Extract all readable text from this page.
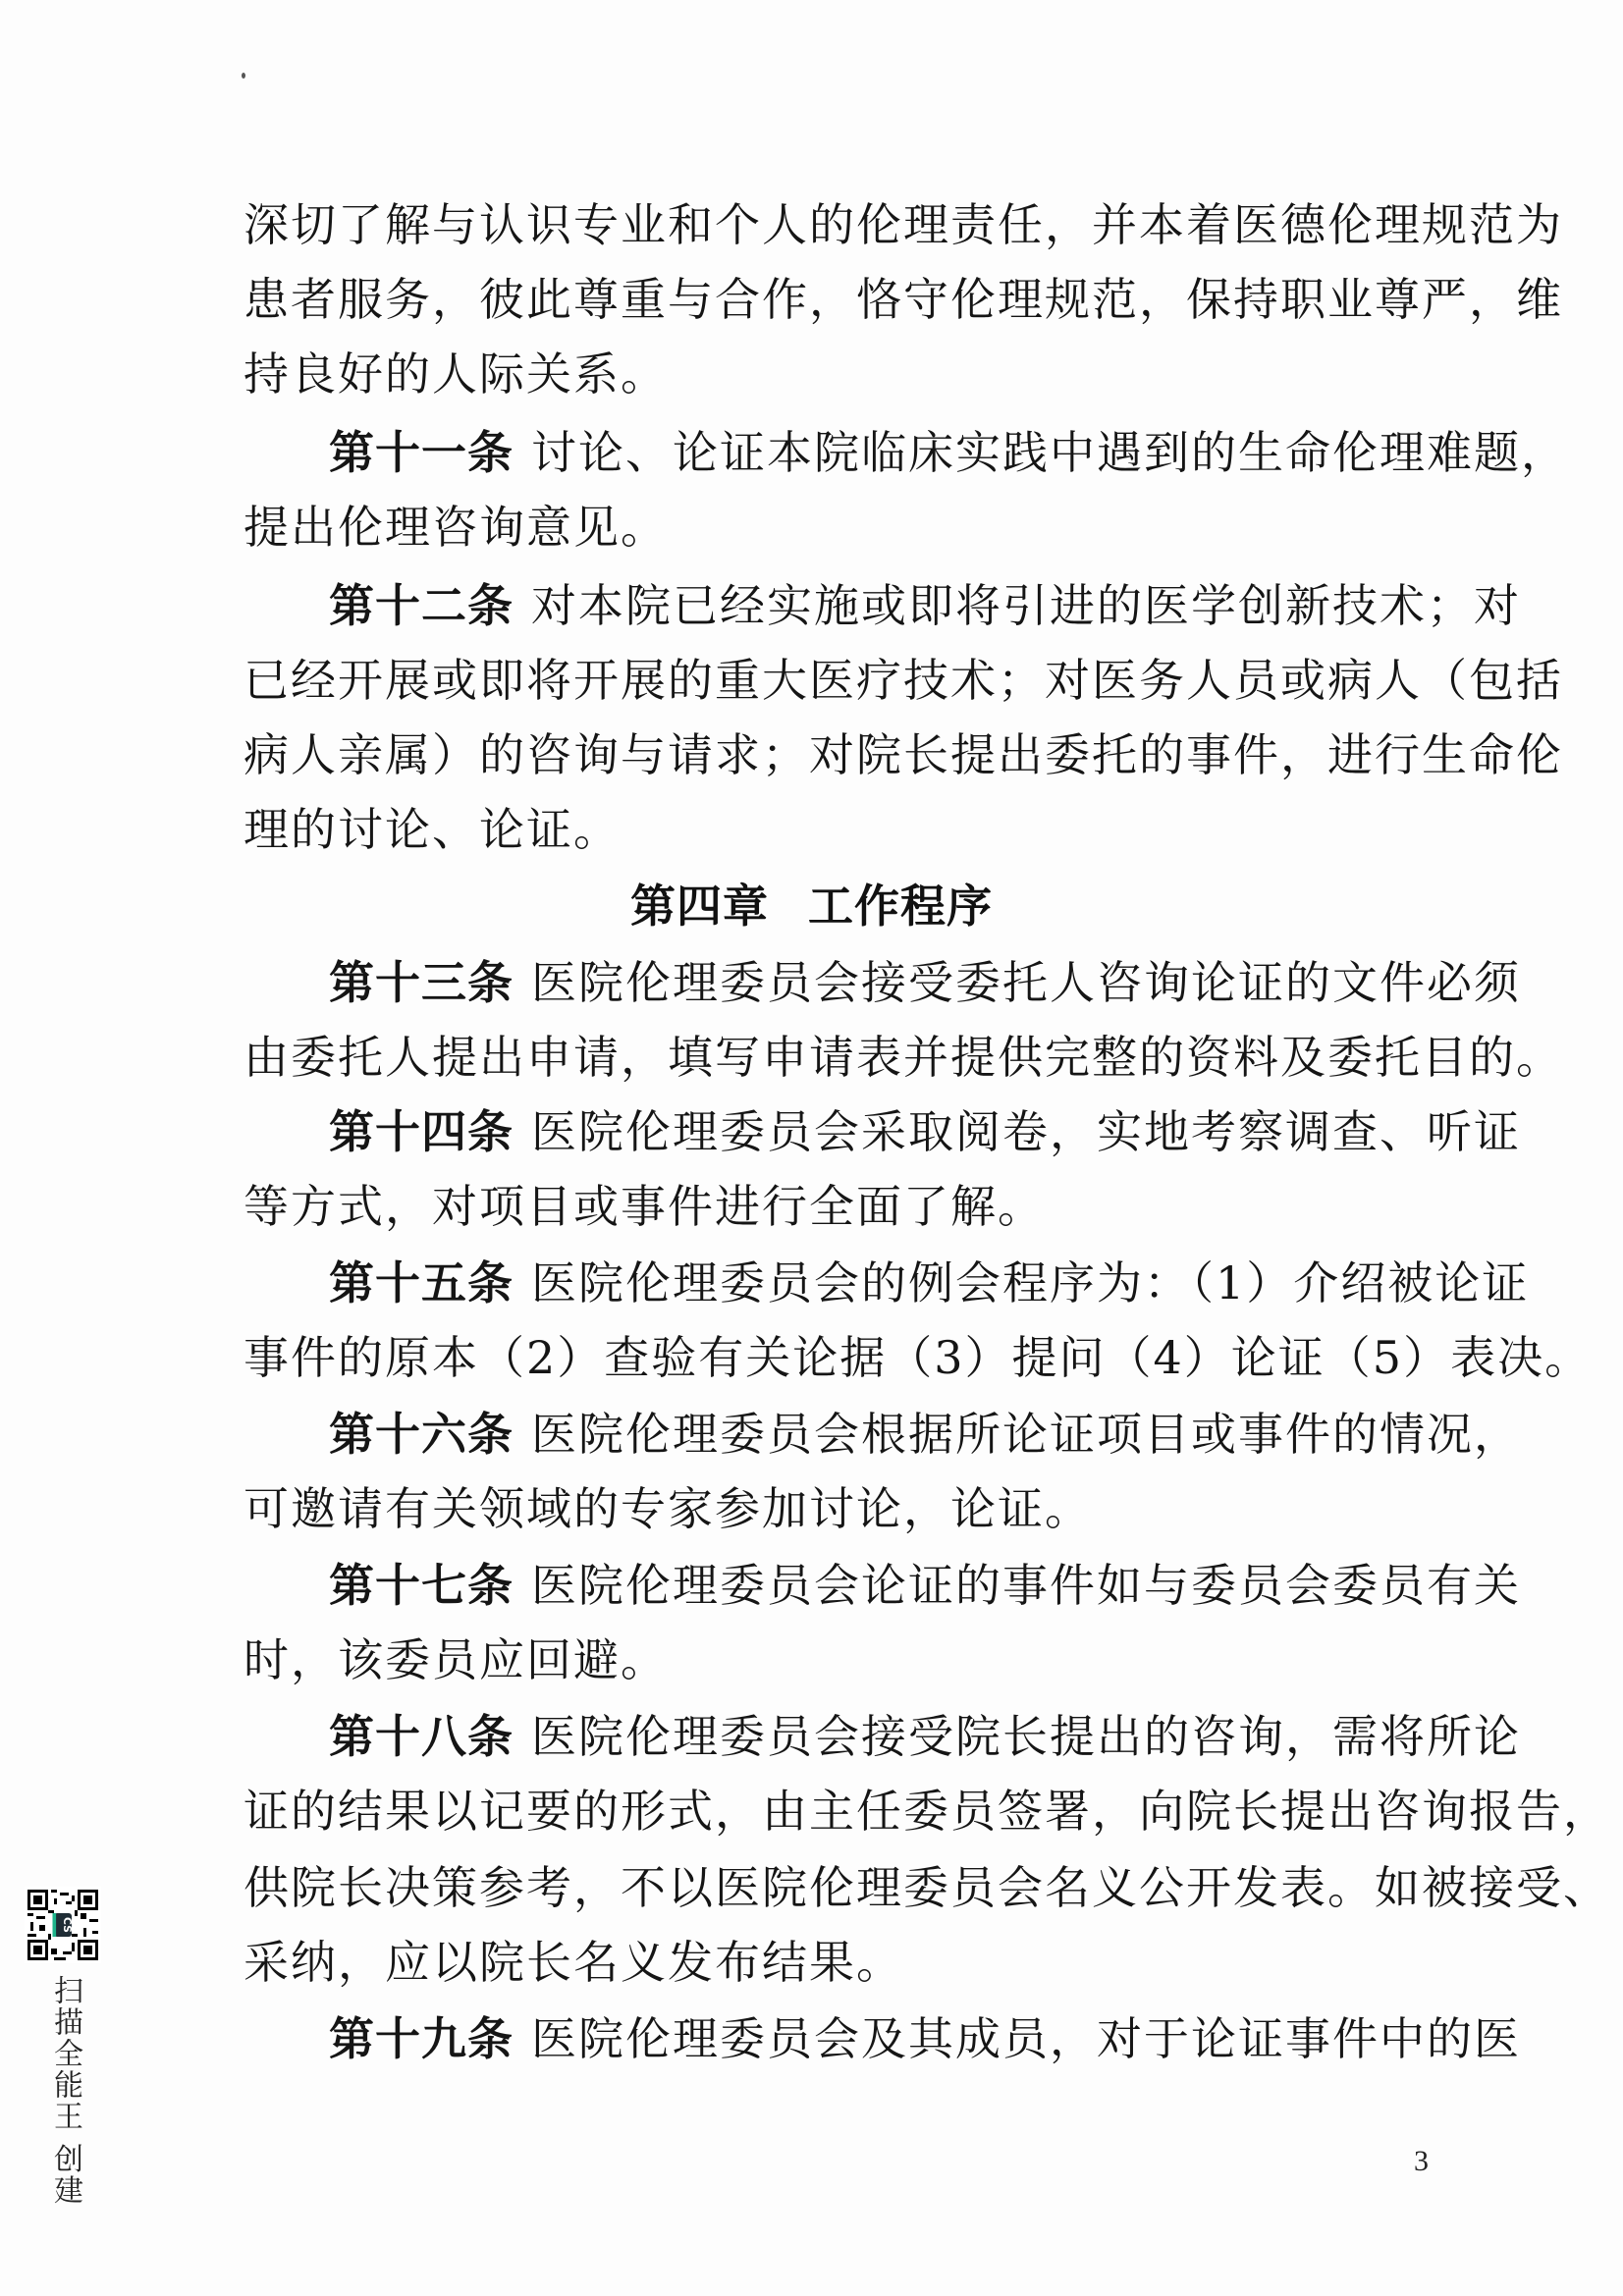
深切了解与认识专业和个人的伦理责任，并本着医德伦理规范为
患者服务，彼此尊重与合作，恪守伦理规范，保持职业尊严，维
持良好的人际关系。
第十一条 讨论、论证本院临床实践中遇到的生命伦理难题，
提出伦理咨询意见。
第十二条 对本院已经实施或即将引进的医学创新技术；对
已经开展或即将开展的重大医疗技术；对医务人员或病人（包括
病人亲属）的咨询与请求；对院长提出委托的事件，进行生命伦
理的讨论、论证。
第四章 工作程序
第十三条 医院伦理委员会接受委托人咨询论证的文件必须
由委托人提出申请，填写申请表并提供完整的资料及委托目的。
第十四条 医院伦理委员会采取阅卷，实地考察调查、听证
等方式，对项目或事件进行全面了解。
第十五条 医院伦理委员会的例会程序为：（1）介绍被论证
事件的原本（2）查验有关论据（3）提问（4）论证（5）表决。
第十六条 医院伦理委员会根据所论证项目或事件的情况，
可邀请有关领域的专家参加讨论，论证。
第十七条 医院伦理委员会论证的事件如与委员会委员有关
时，该委员应回避。
第十八条 医院伦理委员会接受院长提出的咨询，需将所论
证的结果以记要的形式，由主任委员签署，向院长提出咨询报告，
供院长决策参考，不以医院伦理委员会名义公开发表。如被接受、
采纳，应以院长名义发布结果。
第十九条 医院伦理委员会及其成员，对于论证事件中的医
3
CS
扫描全能王 创建
